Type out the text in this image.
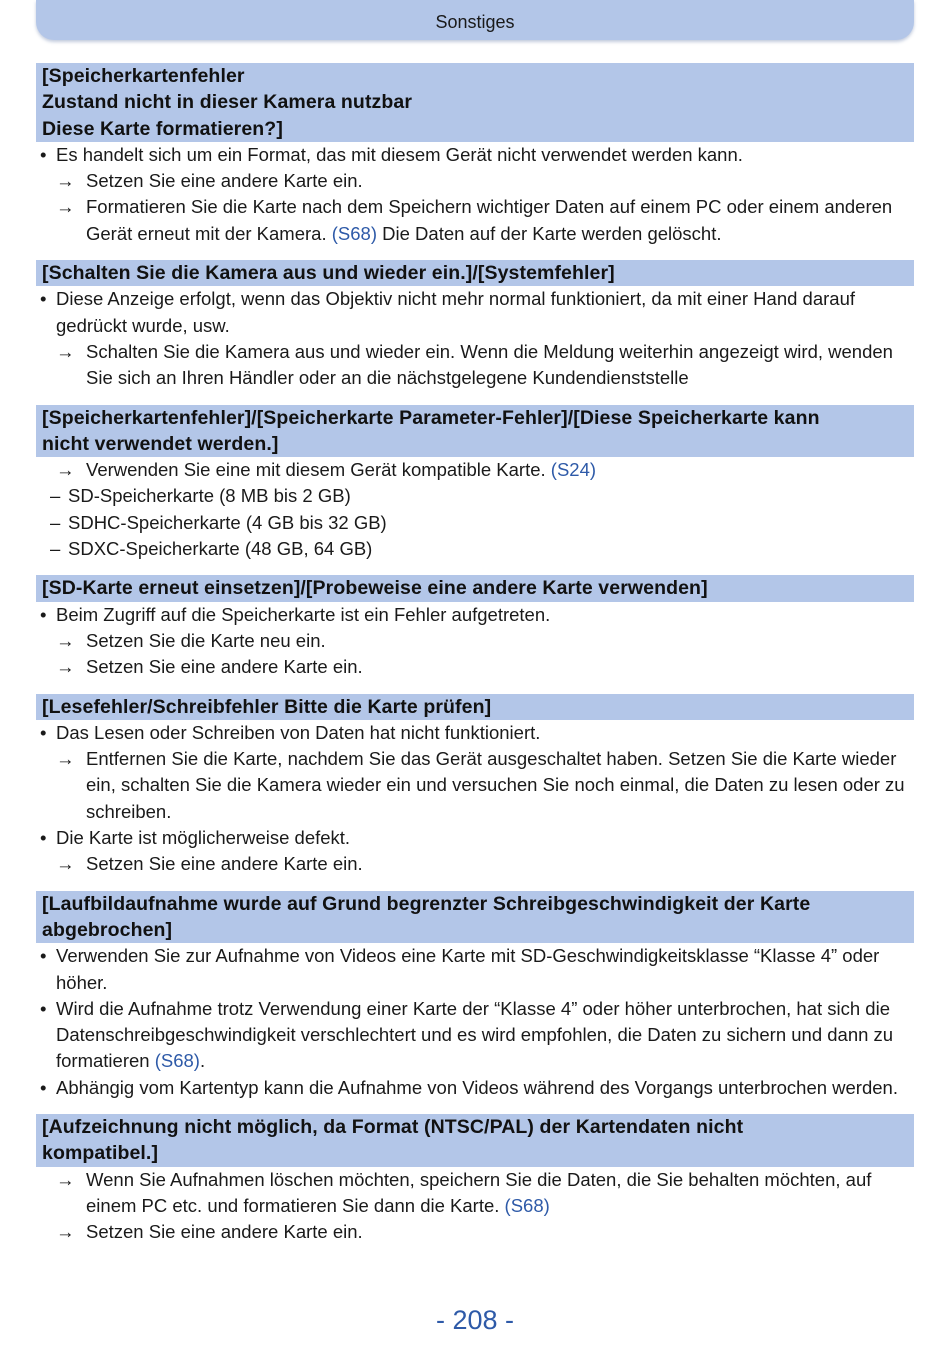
Sonstiges
[Speicherkartenfehler
Zustand nicht in dieser Kamera nutzbar
Diese Karte formatieren?]
• Es handelt sich um ein Format, das mit diesem Gerät nicht verwendet werden kann.
→ Setzen Sie eine andere Karte ein.
→ Formatieren Sie die Karte nach dem Speichern wichtiger Daten auf einem PC oder einem anderen Gerät erneut mit der Kamera. (S68) Die Daten auf der Karte werden gelöscht.
[Schalten Sie die Kamera aus und wieder ein.]/[Systemfehler]
• Diese Anzeige erfolgt, wenn das Objektiv nicht mehr normal funktioniert, da mit einer Hand darauf gedrückt wurde, usw.
→ Schalten Sie die Kamera aus und wieder ein. Wenn die Meldung weiterhin angezeigt wird, wenden Sie sich an Ihren Händler oder an die nächstgelegene Kundendienststelle
[Speicherkartenfehler]/[Speicherkarte Parameter-Fehler]/[Diese Speicherkarte kann
nicht verwendet werden.]
→ Verwenden Sie eine mit diesem Gerät kompatible Karte. (S24)
– SD-Speicherkarte (8 MB bis 2 GB)
– SDHC-Speicherkarte (4 GB bis 32 GB)
– SDXC-Speicherkarte (48 GB, 64 GB)
[SD-Karte erneut einsetzen]/[Probeweise eine andere Karte verwenden]
• Beim Zugriff auf die Speicherkarte ist ein Fehler aufgetreten.
→ Setzen Sie die Karte neu ein.
→ Setzen Sie eine andere Karte ein.
[Lesefehler/Schreibfehler Bitte die Karte prüfen]
• Das Lesen oder Schreiben von Daten hat nicht funktioniert.
→ Entfernen Sie die Karte, nachdem Sie das Gerät ausgeschaltet haben. Setzen Sie die Karte wieder ein, schalten Sie die Kamera wieder ein und versuchen Sie noch einmal, die Daten zu lesen oder zu schreiben.
• Die Karte ist möglicherweise defekt.
→ Setzen Sie eine andere Karte ein.
[Laufbildaufnahme wurde auf Grund begrenzter Schreibgeschwindigkeit der Karte
abgebrochen]
• Verwenden Sie zur Aufnahme von Videos eine Karte mit SD-Geschwindigkeitsklasse “Klasse 4” oder höher.
• Wird die Aufnahme trotz Verwendung einer Karte der “Klasse 4” oder höher unterbrochen, hat sich die Datenschreibgeschwindigkeit verschlechtert und es wird empfohlen, die Daten zu sichern und dann zu formatieren (S68).
• Abhängig vom Kartentyp kann die Aufnahme von Videos während des Vorgangs unterbrochen werden.
[Aufzeichnung nicht möglich, da Format (NTSC/PAL) der Kartendaten nicht
kompatibel.]
→ Wenn Sie Aufnahmen löschen möchten, speichern Sie die Daten, die Sie behalten möchten, auf einem PC etc. und formatieren Sie dann die Karte. (S68)
→ Setzen Sie eine andere Karte ein.
- 208 -
